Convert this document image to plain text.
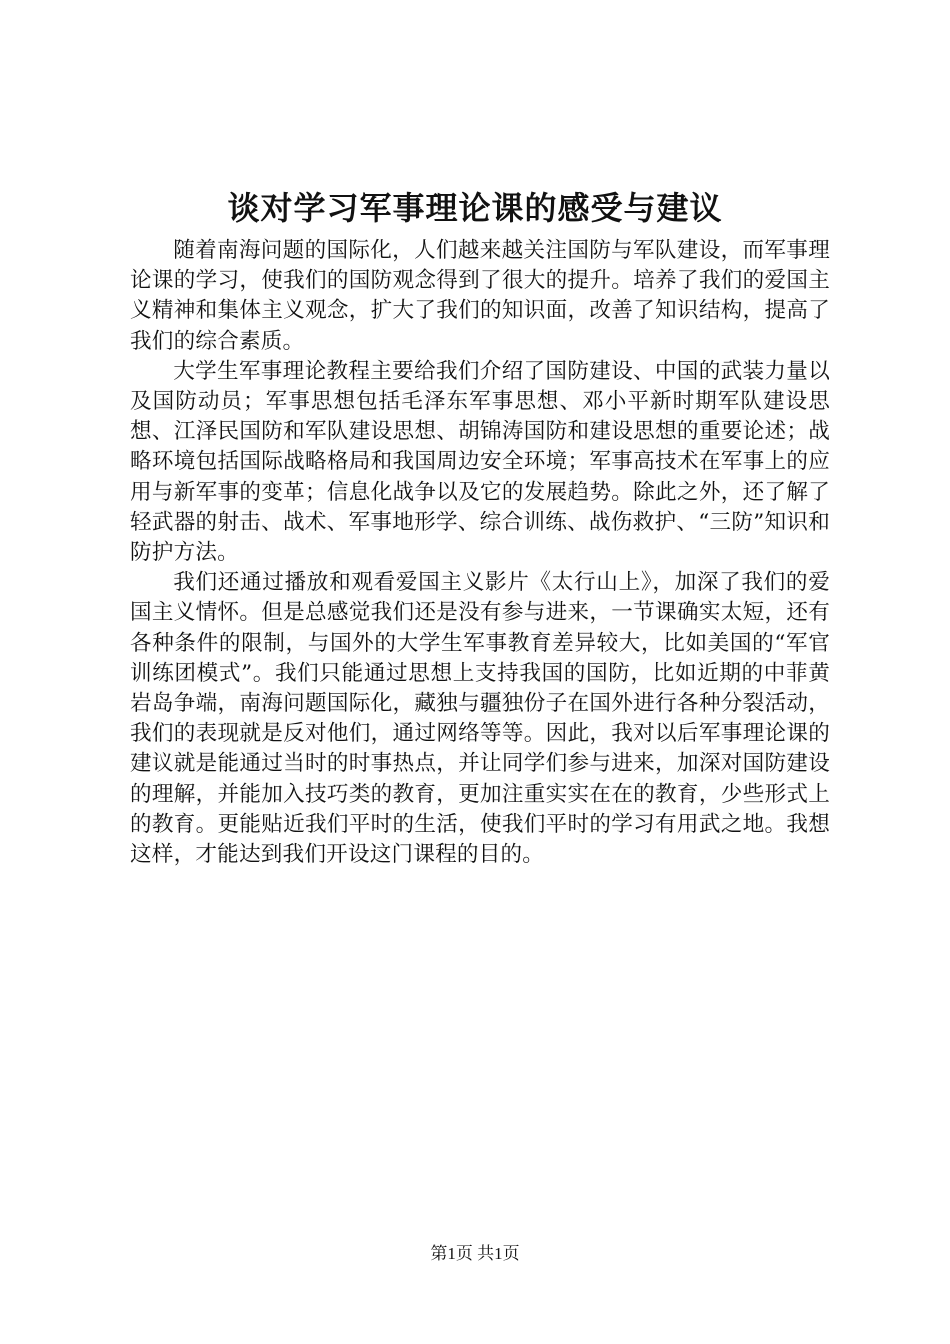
谈对学习军事理论课的感受与建议

随着南海问题的国际化，人们越来越关注国防与军队建设，而军事理论课的学习，使我们的国防观念得到了很大的提升。培养了我们的爱国主义精神和集体主义观念，扩大了我们的知识面，改善了知识结构，提高了我们的综合素质。

大学生军事理论教程主要给我们介绍了国防建设、中国的武装力量以及国防动员；军事思想包括毛泽东军事思想、邓小平新时期军队建设思想、江泽民国防和军队建设思想、胡锦涛国防和建设思想的重要论述；战略环境包括国际战略格局和我国周边安全环境；军事高技术在军事上的应用与新军事的变革；信息化战争以及它的发展趋势。除此之外，还了解了轻武器的射击、战术、军事地形学、综合训练、战伤救护、“三防”知识和防护方法。

我们还通过播放和观看爱国主义影片《太行山上》，加深了我们的爱国主义情怀。但是总感觉我们还是没有参与进来，一节课确实太短，还有各种条件的限制，与国外的大学生军事教育差异较大，比如美国的“军官训练团模式”。我们只能通过思想上支持我国的国防，比如近期的中菲黄岩岛争端，南海问题国际化，藏独与疆独份子在国外进行各种分裂活动，我们的表现就是反对他们，通过网络等等。因此，我对以后军事理论课的建议就是能通过当时的时事热点，并让同学们参与进来，加深对国防建设的理解，并能加入技巧类的教育，更加注重实实在在的教育，少些形式上的教育。更能贴近我们平时的生活，使我们平时的学习有用武之地。我想这样，才能达到我们开设这门课程的目的。

第1页 共1页
